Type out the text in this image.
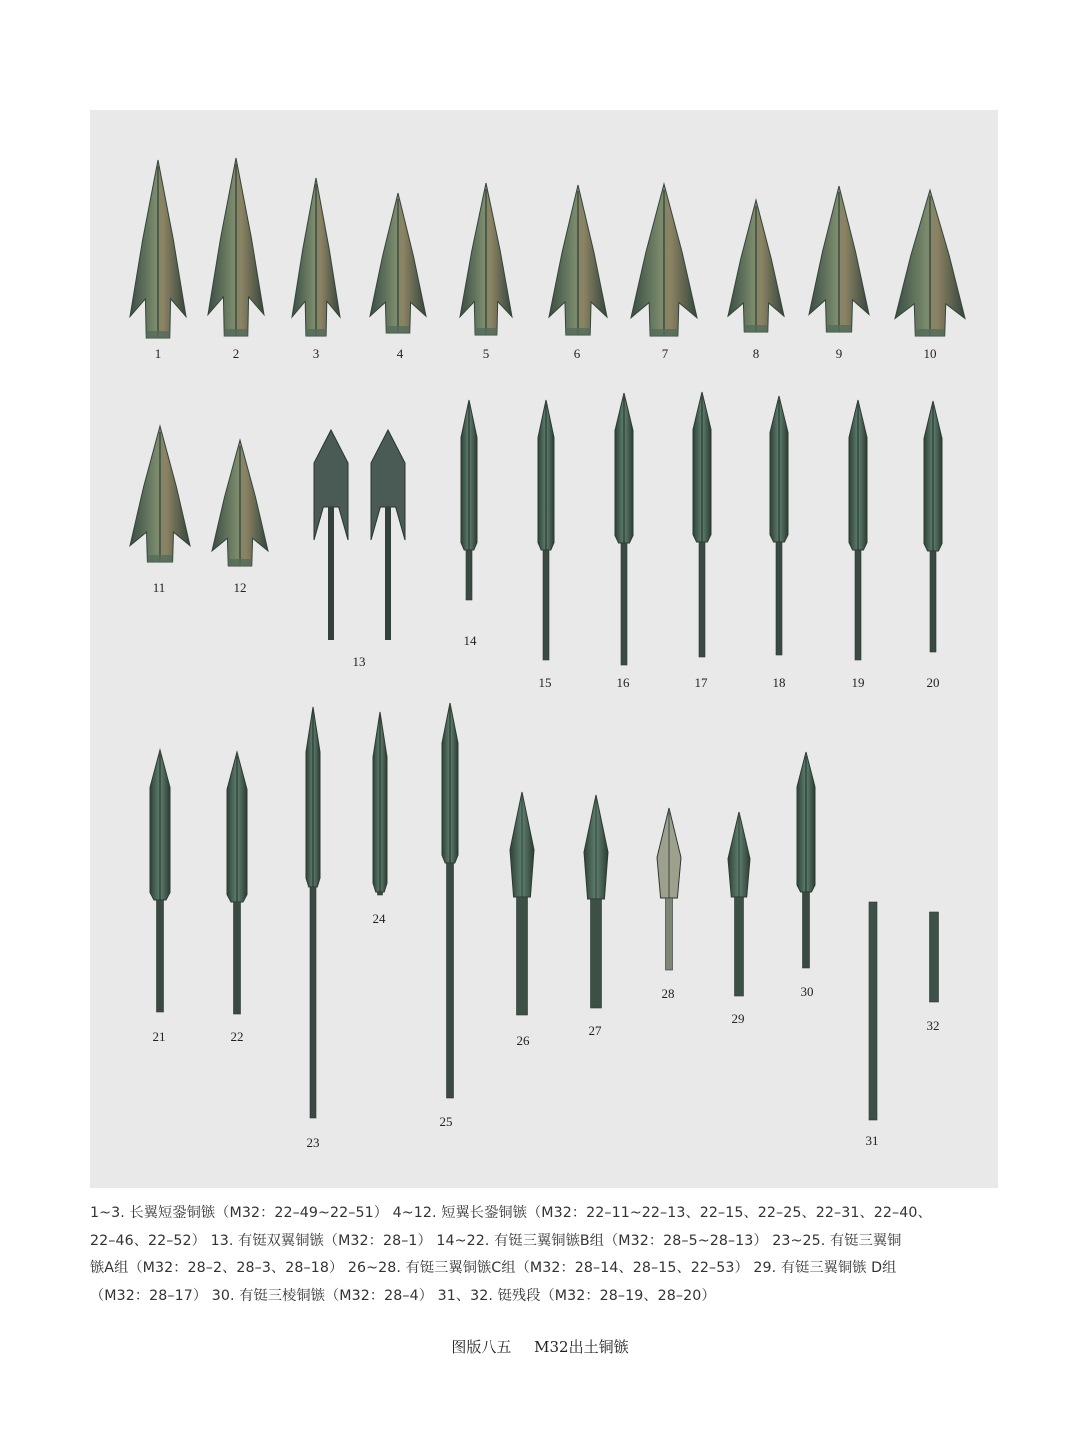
1	2	3	4	5	6	7	8	9	10
11	12
13
14
15	16	17	18	19	20
21	22
23
24
25
26
27
28
29
30
31
32
1~3. 长翼短銎铜镞（M32：22–49~22–51） 4~12. 短翼长銎铜镞（M32：22–11~22–13、22–15、22–25、22–31、22–40、
22–46、22–52） 13. 有铤双翼铜镞（M32：28–1） 14~22. 有铤三翼铜镞B组（M32：28–5~28–13） 23~25. 有铤三翼铜
镞A组（M32：28–2、28–3、28–18） 26~28. 有铤三翼铜镞C组（M32：28–14、28–15、22–53） 29. 有铤三翼铜镞 D组
（M32：28–17） 30. 有铤三棱铜镞（M32：28–4） 31、32. 铤残段（M32：28–19、28–20）
图版八五 M32出土铜镞
